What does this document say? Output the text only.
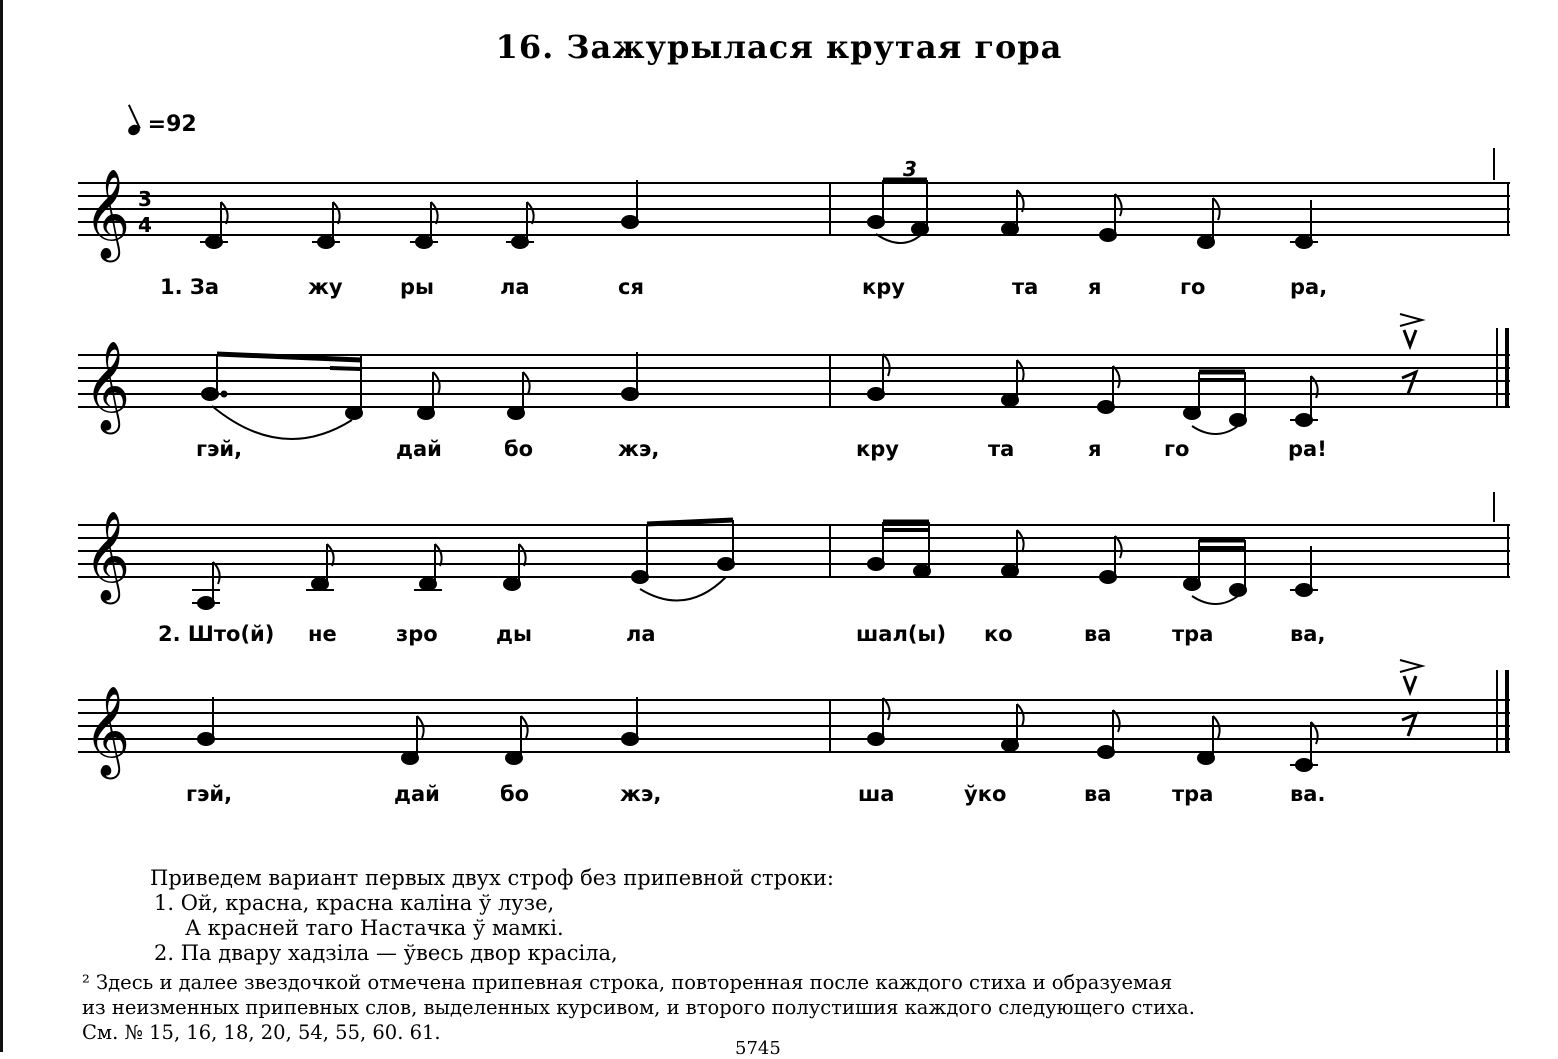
16. Зажурылася крутая гора
=92
𝄞 3
4
3
𝄞
𝄞
𝄞
1. За	жу	ры	ла	ся	кру	та я	го	ра,
гэй,	дай	бо	жэ,	кру	та	я	го	ра!
2. Што(й) не	зро	ды	ла	шал(ы) ко	ва	тра	ва,
гэй,	дай	бо	жэ,	ша	ўко	ва	тра	ва.
Приведем вариант первых двух строф без припевной строки:
1. Ой, красна, красна калiна ў лузе,
А красней таго Настачка ў мамкi.
2. Па двару хадзiла — ўвесь двор красiла,
² Здесь и далее звездочкой отмечена припевная строка, повторенная после каждого стиха и образуемая
из неизменных припевных слов, выделенных курсивом, и второго полустишия каждого следующего стиха.
См. № 15, 16, 18, 20, 54, 55, 60. 61.
5745
